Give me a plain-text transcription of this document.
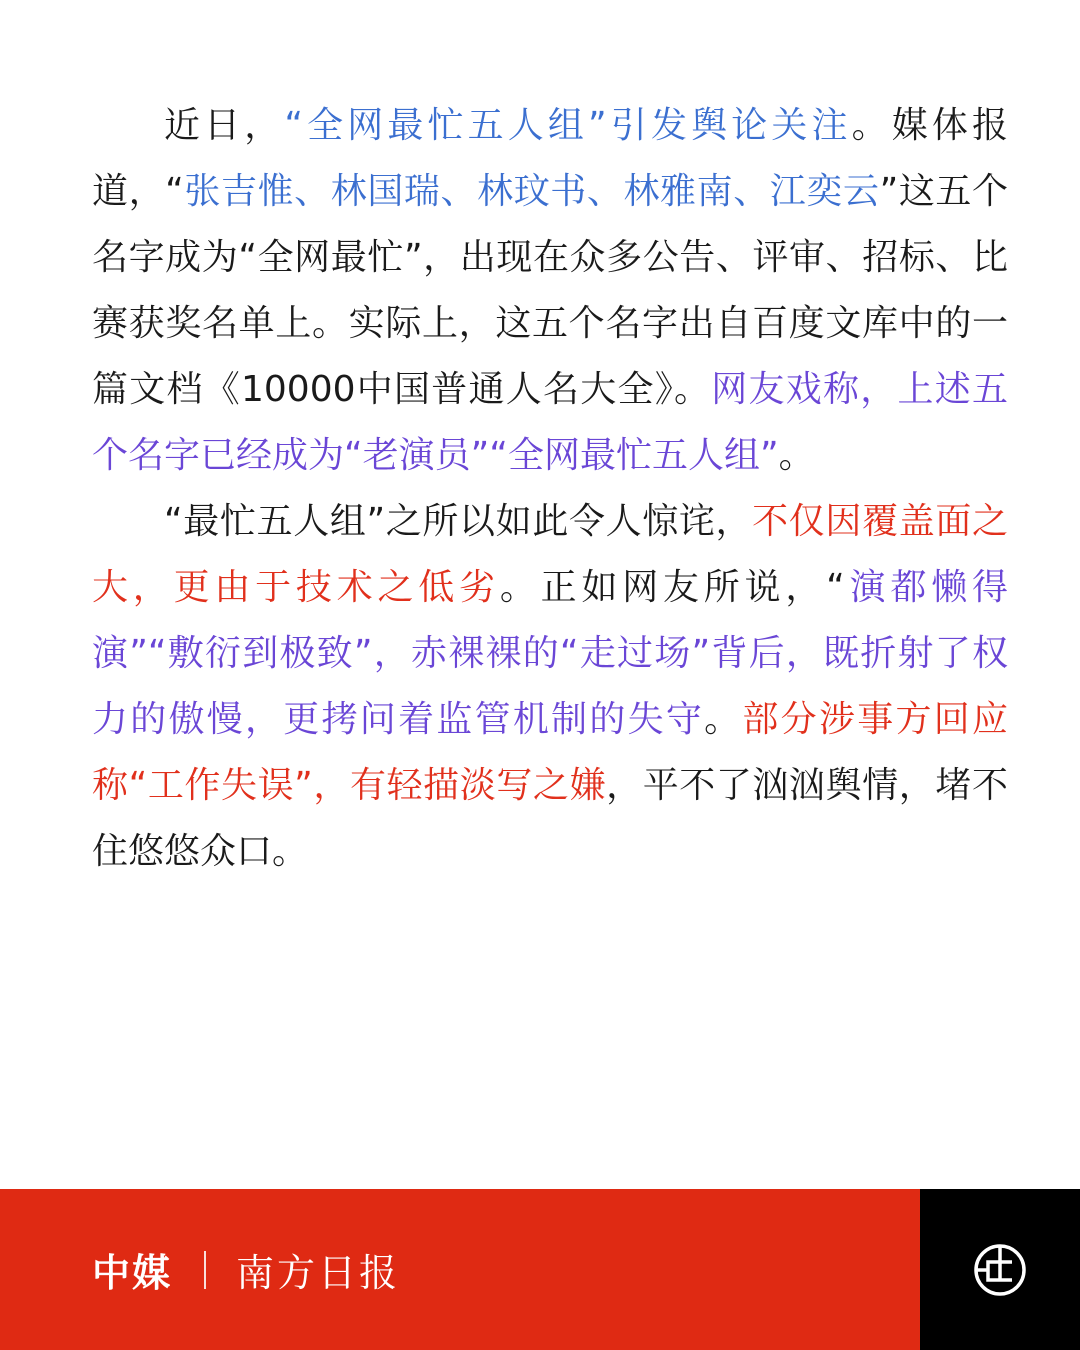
近日，“全网最忙五人组”引发舆论关注。媒体报道，“张吉惟、林国瑞、林玟书、林雅南、江奕云”这五个名字成为“全网最忙”，出现在众多公告、评审、招标、比赛获奖名单上。实际上，这五个名字出自百度文库中的一篇文档《10000中国普通人名大全》。网友戏称，上述五个名字已经成为“老演员”“全网最忙五人组”。

“最忙五人组”之所以如此令人惊诧，不仅因覆盖面之大，更由于技术之低劣。正如网友所说，“演都懒得演”“敷衍到极致”，赤裸裸的“走过场”背后，既折射了权力的傲慢，更拷问着监管机制的失守。部分涉事方回应称“工作失误”，有轻描淡写之嫌，平不了汹汹舆情，堵不住悠悠众口。

中媒 南方日报
